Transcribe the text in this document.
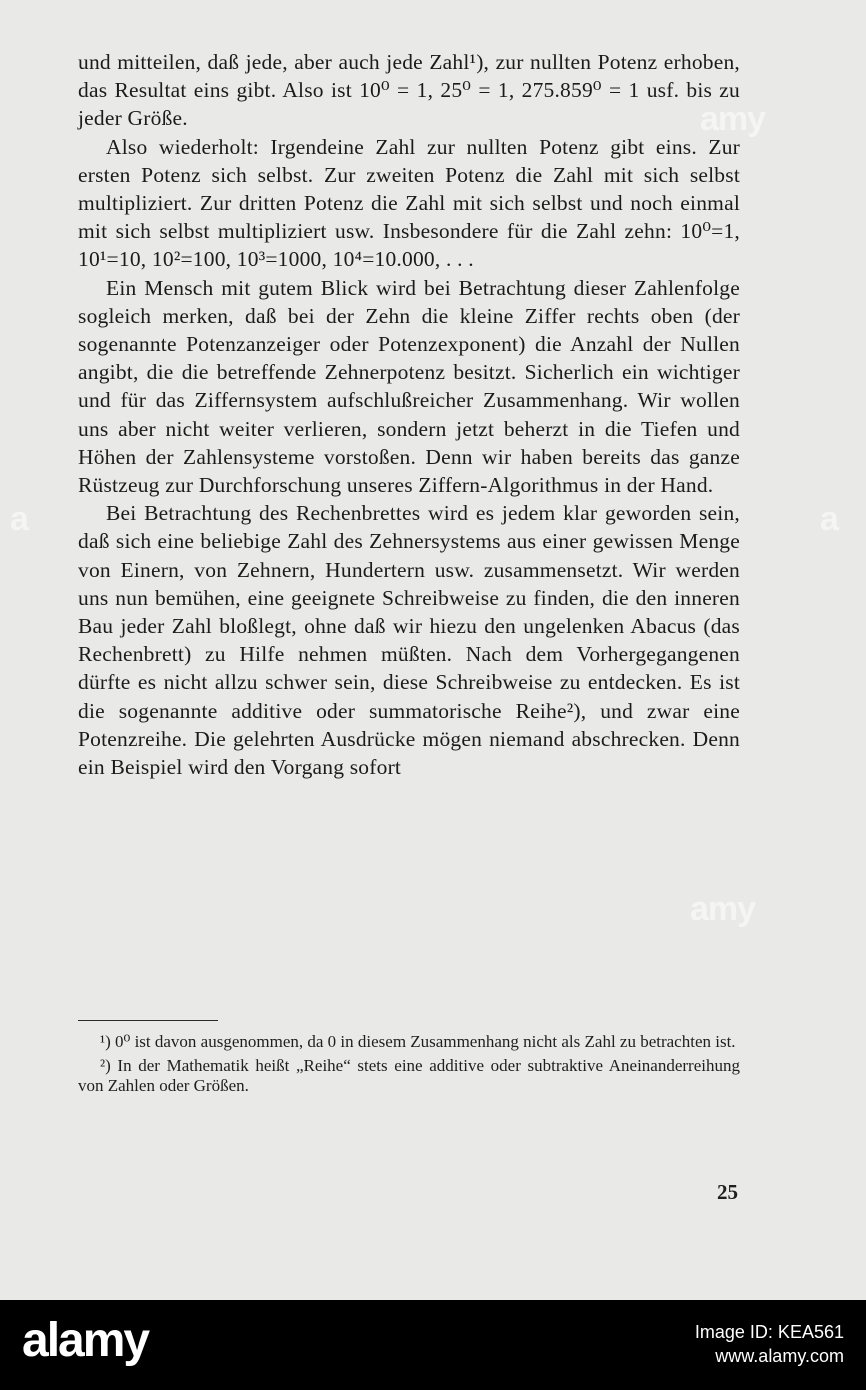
und mitteilen, daß jede, aber auch jede Zahl¹), zur nullten Potenz erhoben, das Resultat eins gibt. Also ist 10⁰ = 1, 25⁰ = 1, 275.859⁰ = 1 usf. bis zu jeder Größe.

Also wiederholt: Irgendeine Zahl zur nullten Potenz gibt eins. Zur ersten Potenz sich selbst. Zur zweiten Potenz die Zahl mit sich selbst multipliziert. Zur dritten Potenz die Zahl mit sich selbst und noch einmal mit sich selbst multipliziert usw. Insbesondere für die Zahl zehn: 10⁰=1, 10¹=10, 10²=100, 10³=1000, 10⁴=10.000, . . .

Ein Mensch mit gutem Blick wird bei Betrachtung dieser Zahlenfolge sogleich merken, daß bei der Zehn die kleine Ziffer rechts oben (der sogenannte Potenzanzeiger oder Potenzexponent) die Anzahl der Nullen angibt, die die betreffende Zehnerpotenz besitzt. Sicherlich ein wichtiger und für das Ziffernsystem aufschlußreicher Zusammenhang. Wir wollen uns aber nicht weiter verlieren, sondern jetzt beherzt in die Tiefen und Höhen der Zahlensysteme vorstoßen. Denn wir haben bereits das ganze Rüstzeug zur Durchforschung unseres Ziffern-Algorithmus in der Hand.

Bei Betrachtung des Rechenbrettes wird es jedem klar geworden sein, daß sich eine beliebige Zahl des Zehnersystems aus einer gewissen Menge von Einern, von Zehnern, Hundertern usw. zusammensetzt. Wir werden uns nun bemühen, eine geeignete Schreibweise zu finden, die den inneren Bau jeder Zahl bloßlegt, ohne daß wir hiezu den ungelenken Abacus (das Rechenbrett) zu Hilfe nehmen müßten. Nach dem Vorhergegangenen dürfte es nicht allzu schwer sein, diese Schreibweise zu entdecken. Es ist die sogenannte additive oder summatorische Reihe²), und zwar eine Potenzreihe. Die gelehrten Ausdrücke mögen niemand abschrecken. Denn ein Beispiel wird den Vorgang sofort

¹) 0⁰ ist davon ausgenommen, da 0 in diesem Zusammenhang nicht als Zahl zu betrachten ist.

²) In der Mathematik heißt „Reihe“ stets eine additive oder subtraktive Aneinanderreihung von Zahlen oder Größen.

25
a
amy
a
amy
alamy	Image ID: KEA561
www.alamy.com
